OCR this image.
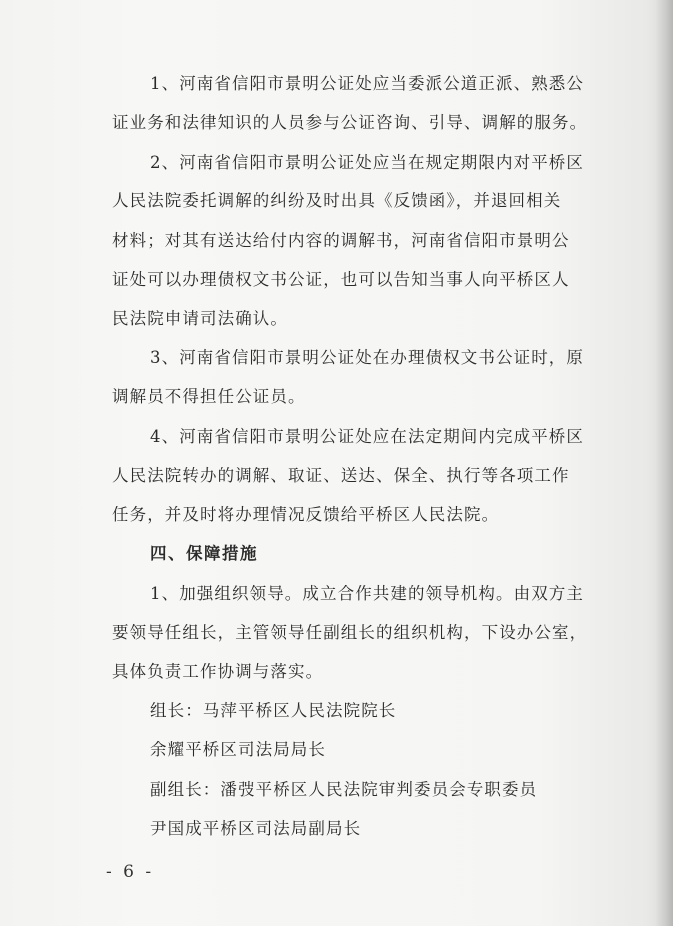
1、河南省信阳市景明公证处应当委派公道正派、熟悉公
证业务和法律知识的人员参与公证咨询、引导、调解的服务。
2、河南省信阳市景明公证处应当在规定期限内对平桥区
人民法院委托调解的纠纷及时出具《反馈函》，并退回相关
材料；对其有送达给付内容的调解书，河南省信阳市景明公
证处可以办理债权文书公证，也可以告知当事人向平桥区人
民法院申请司法确认。
3、河南省信阳市景明公证处在办理债权文书公证时，原
调解员不得担任公证员。
4、河南省信阳市景明公证处应在法定期间内完成平桥区
人民法院转办的调解、取证、送达、保全、执行等各项工作
任务，并及时将办理情况反馈给平桥区人民法院。
四、保障措施
1、加强组织领导。成立合作共建的领导机构。由双方主
要领导任组长，主管领导任副组长的组织机构，下设办公室，
具体负责工作协调与落实。
组长：马萍平桥区人民法院院长
余耀平桥区司法局局长
副组长：潘弢平桥区人民法院审判委员会专职委员
尹国成平桥区司法局副局长
- 6 -
